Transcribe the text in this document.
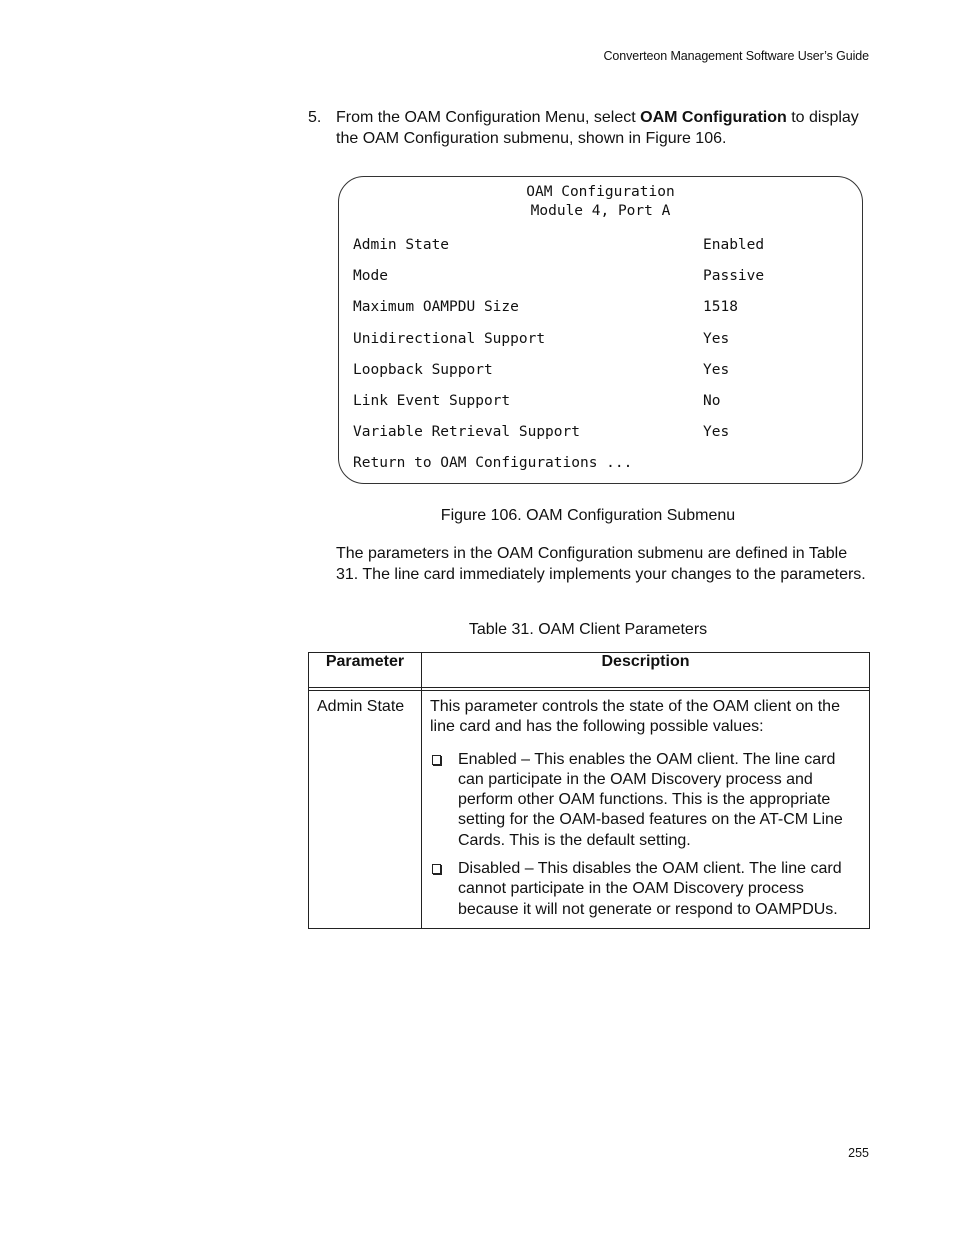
Converteon Management Software User’s Guide
5. From the OAM Configuration Menu, select OAM Configuration to display the OAM Configuration submenu, shown in Figure 106.
OAM Configuration
Module 4, Port A
Admin State	Enabled
Mode	Passive
Maximum OAMPDU Size	1518
Unidirectional Support	Yes
Loopback Support	Yes
Link Event Support	No
Variable Retrieval Support	Yes
Return to OAM Configurations ...
Figure 106. OAM Configuration Submenu
The parameters in the OAM Configuration submenu are defined in Table 31. The line card immediately implements your changes to the parameters.
Table 31. OAM Client Parameters
Parameter	Description

Admin State	This parameter controls the state of the OAM client on the line card and has the following possible values:
Enabled – This enables the OAM client. The line card can participate in the OAM Discovery process and perform other OAM functions. This is the appropriate setting for the OAM-based features on the AT-CM Line Cards. This is the default setting.
Disabled – This disables the OAM client. The line card cannot participate in the OAM Discovery process because it will not generate or respond to OAMPDUs.
255
